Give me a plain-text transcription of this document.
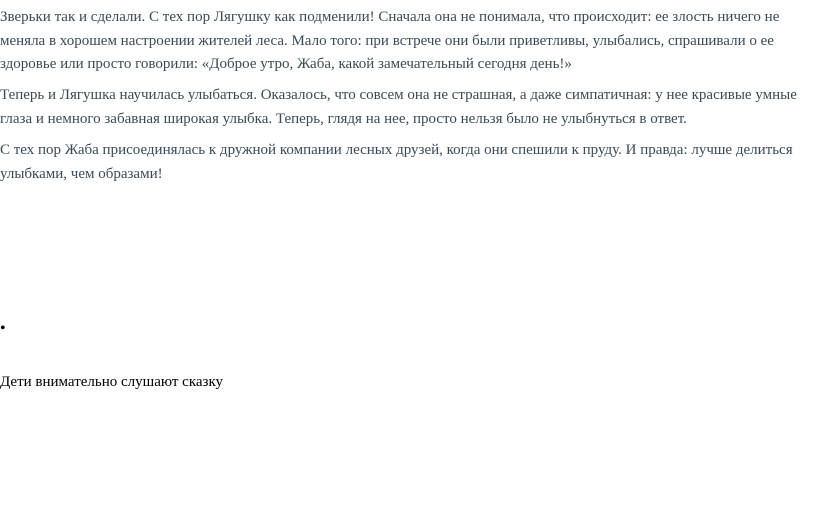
Зверьки так и сделали. С тех пор Лягушку как подменили! Сначала она не понимала, что происходит: ее злость ничего не меняла в хорошем настроении жителей леса. Мало того: при встрече они были приветливы, улыбались, спрашивали о ее здоровье или просто говорили: «Доброе утро, Жаба, какой замечательный сегодня день!»

Теперь и Лягушка научилась улыбаться. Оказалось, что совсем она не страшная, а даже симпатичная: у нее красивые умные глаза и немного забавная широкая улыбка. Теперь, глядя на нее, просто нельзя было не улыбнуться в ответ.

С тех пор Жаба присоединялась к дружной компании лесных друзей, когда они спешили к пруду. И правда: лучше делиться улыбками, чем образами!

•

Дети внимательно слушают сказку
